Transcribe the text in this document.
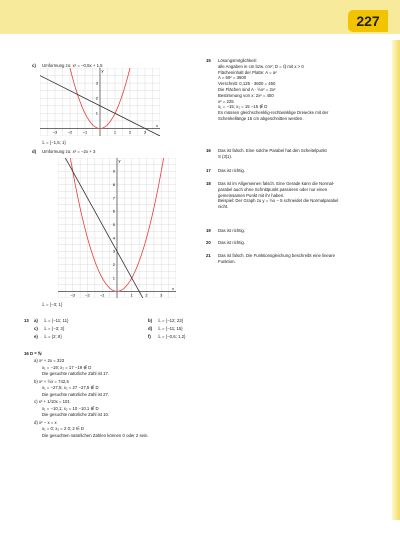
227
c) Umformung zu: x² = −0,5x + 1,5
−3	−2	−1	1	2	3
3
2
1
x
y
𝕃 = {−1,5; 1}
d) Umformung zu: x² = −2x + 3
−3	−2	−1	1	2	3
9
8
7
6
5
4
3
2
1
x
y
𝕃 = {−3; 1}
13 a) 𝕃 = {−11; 11}	b) 𝕃 = {−12; 23}
c) 𝕃 = {−3; 3}	d) 𝕃 = {−11; 15}
e) 𝕃 = {2; 8}	f) 𝕃 = {−0,6; 1,2}
16 D = ℕ
a) x² + 2x = 323
x₁ = −19; x₂ = 17 −19 ∉ D
Die gesuchte natürliche Zahl ist 17.
b) x² + ½x = 742,5
x₁ = −27,5; x₂ = 27 −27,5 ∉ D
Die gesuchte natürliche Zahl ist 27.
c) x² + 1/10x = 101
x₁ = −10,1; x₂ = 10 −10,1 ∉ D
Die gesuchte natürliche Zahl ist 10.
d) x² − x = x
x₁ = 0; x₂ = 2 0; 2 ∈ D
Die gesuchten natürlichen Zahlen können 0 oder 2 sein.
15 Lösungsmöglichkeit:
alle Angaben in cm bzw. cm²; D = ℚ mit x > 0
Flächeninhalt der Platte: A = a²
A = 60² = 3600
Verschnitt: 0,125 · 3600 = 450
Die Flächen sind A · ½x² = 2x²
Bestimmung von x: 2x² = 450
x² = 225
x₁ = −15; x₂ = 15 −15 ∉ D
Es müssen gleichschenklig-rechtwinklige Dreiecke mit der
Schenkellänge 15 cm abgeschnitten werden.
16 Das ist falsch. Eine solche Parabel hat den Scheitelpunkt
S (3|1).
17 Das ist richtig.
18 Das ist im Allgemeinen falsch. Eine Gerade kann die Normal-
parabel auch ohne Schnittpunkt passieren oder nur einen
gemeinsamen Punkt mit ihr haben.
Beispiel: Der Graph zu y = ½x − 5 schneidet die Normalparabel
nicht.
19 Das ist richtig.
20 Das ist richtig.
21 Das ist falsch. Die Funktionsgleichung beschreibt eine lineare
Funktion.
